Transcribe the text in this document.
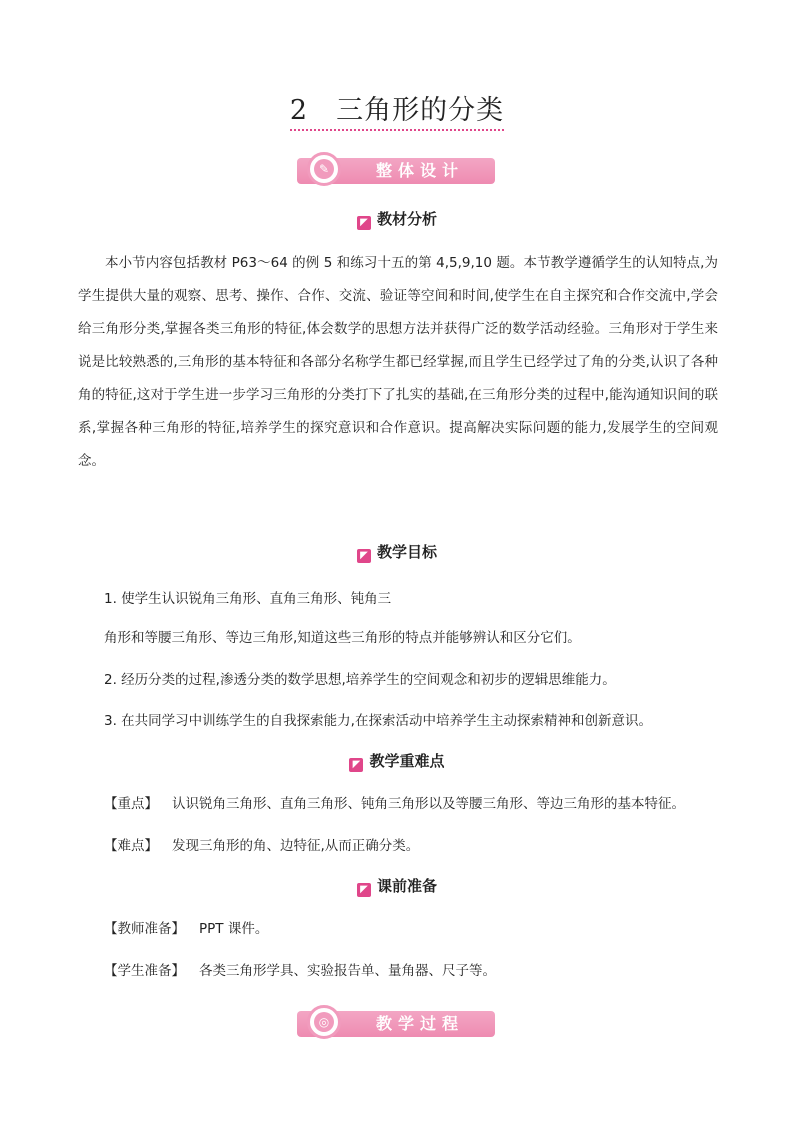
2 三角形的分类
✎	整体设计
◤ 教材分析
本小节内容包括教材 P63〜64 的例 5 和练习十五的第 4,5,9,10 题。本节教学遵循学生的认知特点,为学生提供大量的观察、思考、操作、合作、交流、验证等空间和时间,使学生在自主探究和合作交流中,学会给三角形分类,掌握各类三角形的特征,体会数学的思想方法并获得广泛的数学活动经验。三角形对于学生来说是比较熟悉的,三角形的基本特征和各部分名称学生都已经掌握,而且学生已经学过了角的分类,认识了各种角的特征,这对于学生进一步学习三角形的分类打下了扎实的基础,在三角形分类的过程中,能沟通知识间的联系,掌握各种三角形的特征,培养学生的探究意识和合作意识。提高解决实际问题的能力,发展学生的空间观念。
◤ 教学目标
1. 使学生认识锐角三角形、直角三角形、钝角三
角形和等腰三角形、等边三角形,知道这些三角形的特点并能够辨认和区分它们。
2. 经历分类的过程,渗透分类的数学思想,培养学生的空间观念和初步的逻辑思维能力。
3. 在共同学习中训练学生的自我探索能力,在探索活动中培养学生主动探索精神和创新意识。
◤ 教学重难点
【重点】 认识锐角三角形、直角三角形、钝角三角形以及等腰三角形、等边三角形的基本特征。
【难点】 发现三角形的角、边特征,从而正确分类。
◤ 课前准备
【教师准备】 PPT 课件。
【学生准备】 各类三角形学具、实验报告单、量角器、尺子等。
◎	教学过程
